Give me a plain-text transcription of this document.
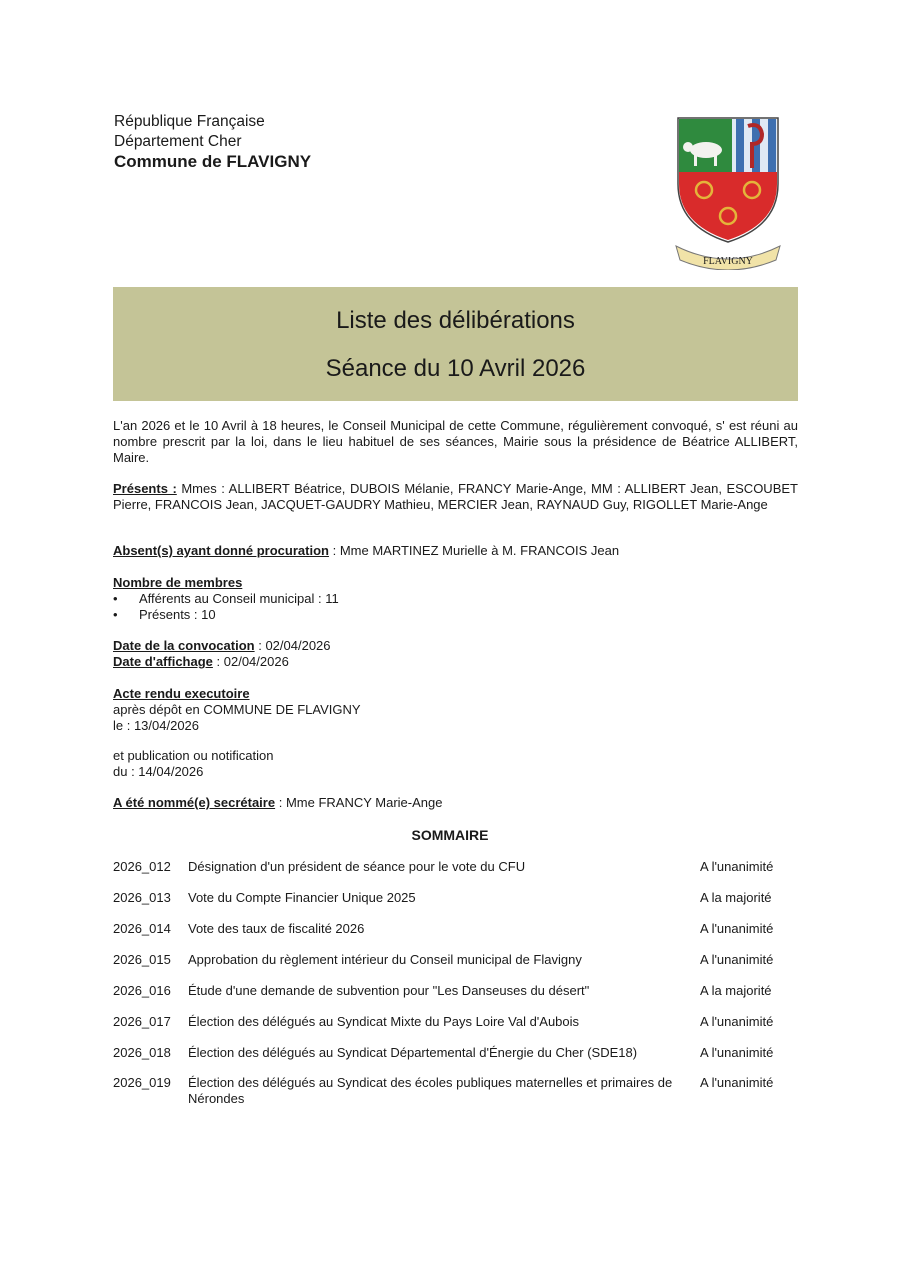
République Française
Département Cher
Commune de FLAVIGNY
FLAVIGNY
Liste des délibérations
Séance du 10 Avril 2026
L'an 2026 et le 10 Avril à 18 heures, le Conseil Municipal de cette Commune, régulièrement convoqué, s' est réuni au nombre prescrit par la loi, dans le lieu habituel de ses séances, Mairie sous la présidence de Béatrice ALLIBERT, Maire.
Présents : Mmes : ALLIBERT Béatrice, DUBOIS Mélanie, FRANCY Marie-Ange, MM : ALLIBERT Jean, ESCOUBET Pierre, FRANCOIS Jean, JACQUET-GAUDRY Mathieu, MERCIER Jean, RAYNAUD Guy, RIGOLLET Marie-Ange
Absent(s) ayant donné procuration : Mme MARTINEZ Murielle à M. FRANCOIS Jean
Nombre de membres
• Afférents au Conseil municipal : 11
• Présents : 10
Date de la convocation : 02/04/2026
Date d'affichage : 02/04/2026
Acte rendu executoire
après dépôt en COMMUNE DE FLAVIGNY
le : 13/04/2026
et publication ou notification
du : 14/04/2026
A été nommé(e) secrétaire : Mme FRANCY Marie-Ange
SOMMAIRE
2026_012 Désignation d'un président de séance pour le vote du CFU	A l'unanimité
2026_013 Vote du Compte Financier Unique 2025	A la majorité
2026_014 Vote des taux de fiscalité 2026	A l'unanimité
2026_015 Approbation du règlement intérieur du Conseil municipal de Flavigny	A l'unanimité
2026_016 Étude d'une demande de subvention pour "Les Danseuses du désert"	A la majorité
2026_017 Élection des délégués au Syndicat Mixte du Pays Loire Val d'Aubois	A l'unanimité
2026_018 Élection des délégués au Syndicat Départemental d'Énergie du Cher (SDE18)	A l'unanimité
2026_019 Élection des délégués au Syndicat des écoles publiques maternelles et primaires de Nérondes
A l'unanimité
